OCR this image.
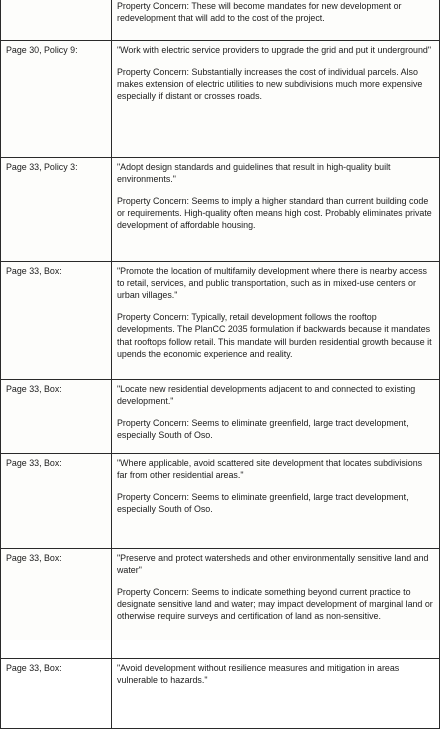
	Property Concern: These will become mandates for new development or redevelopment that will add to the cost of the project.

Page 30, Policy 9:	"Work with electric service providers to upgrade the grid and put it underground"

Property Concern: Substantially increases the cost of individual parcels. Also makes extension of electric utilities to new subdivisions much more expensive especially if distant or crosses roads.

Page 33, Policy 3:	"Adopt design standards and guidelines that result in high-quality built environments."

Property Concern: Seems to imply a higher standard than current building code or requirements. High-quality often means high cost. Probably eliminates private development of affordable housing.

Page 33, Box:	"Promote the location of multifamily development where there is nearby access to retail, services, and public transportation, such as in mixed-use centers or urban villages."

Property Concern: Typically, retail development follows the rooftop developments. The PlanCC 2035 formulation if backwards because it mandates that rooftops follow retail. This mandate will burden residential growth because it upends the economic experience and reality.

Page 33, Box:	"Locate new residential developments adjacent to and connected to existing development."

Property Concern: Seems to eliminate greenfield, large tract development, especially South of Oso.

Page 33, Box:	"Where applicable, avoid scattered site development that locates subdivisions far from other residential areas."

Property Concern: Seems to eliminate greenfield, large tract development, especially South of Oso.

Page 33, Box:	"Preserve and protect watersheds and other environmentally sensitive land and water"

Property Concern: Seems to indicate something beyond current practice to designate sensitive land and water; may impact development of marginal land or otherwise require surveys and certification of land as non-sensitive.

Page 33, Box:	"Avoid development without resilience measures and mitigation in areas vulnerable to hazards."
